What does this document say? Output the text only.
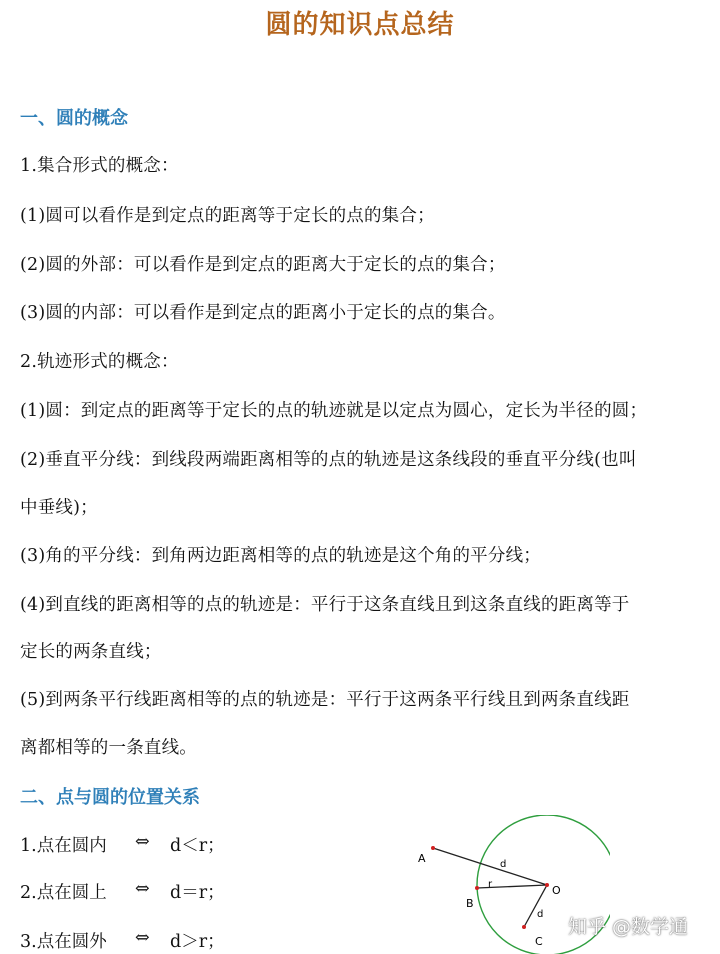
圆的知识点总结
一、圆的概念
1.集合形式的概念：
(1)圆可以看作是到定点的距离等于定长的点的集合；
(2)圆的外部：可以看作是到定点的距离大于定长的点的集合；
(3)圆的内部：可以看作是到定点的距离小于定长的点的集合。
2.轨迹形式的概念：
(1)圆：到定点的距离等于定长的点的轨迹就是以定点为圆心，定长为半径的圆；
(2)垂直平分线：到线段两端距离相等的点的轨迹是这条线段的垂直平分线(也叫
中垂线)；
(3)角的平分线：到角两边距离相等的点的轨迹是这个角的平分线；
(4)到直线的距离相等的点的轨迹是：平行于这条直线且到这条直线的距离等于
定长的两条直线；
(5)到两条平行线距离相等的点的轨迹是：平行于这两条平行线且到两条直线距
离都相等的一条直线。
二、点与圆的位置关系
1.点在圆内 ⇔ d＜r；
2.点在圆上 ⇔ d＝r；
3.点在圆外 ⇔ d＞r；
A
B
C
O
d
r
d
知乎 @数学通
